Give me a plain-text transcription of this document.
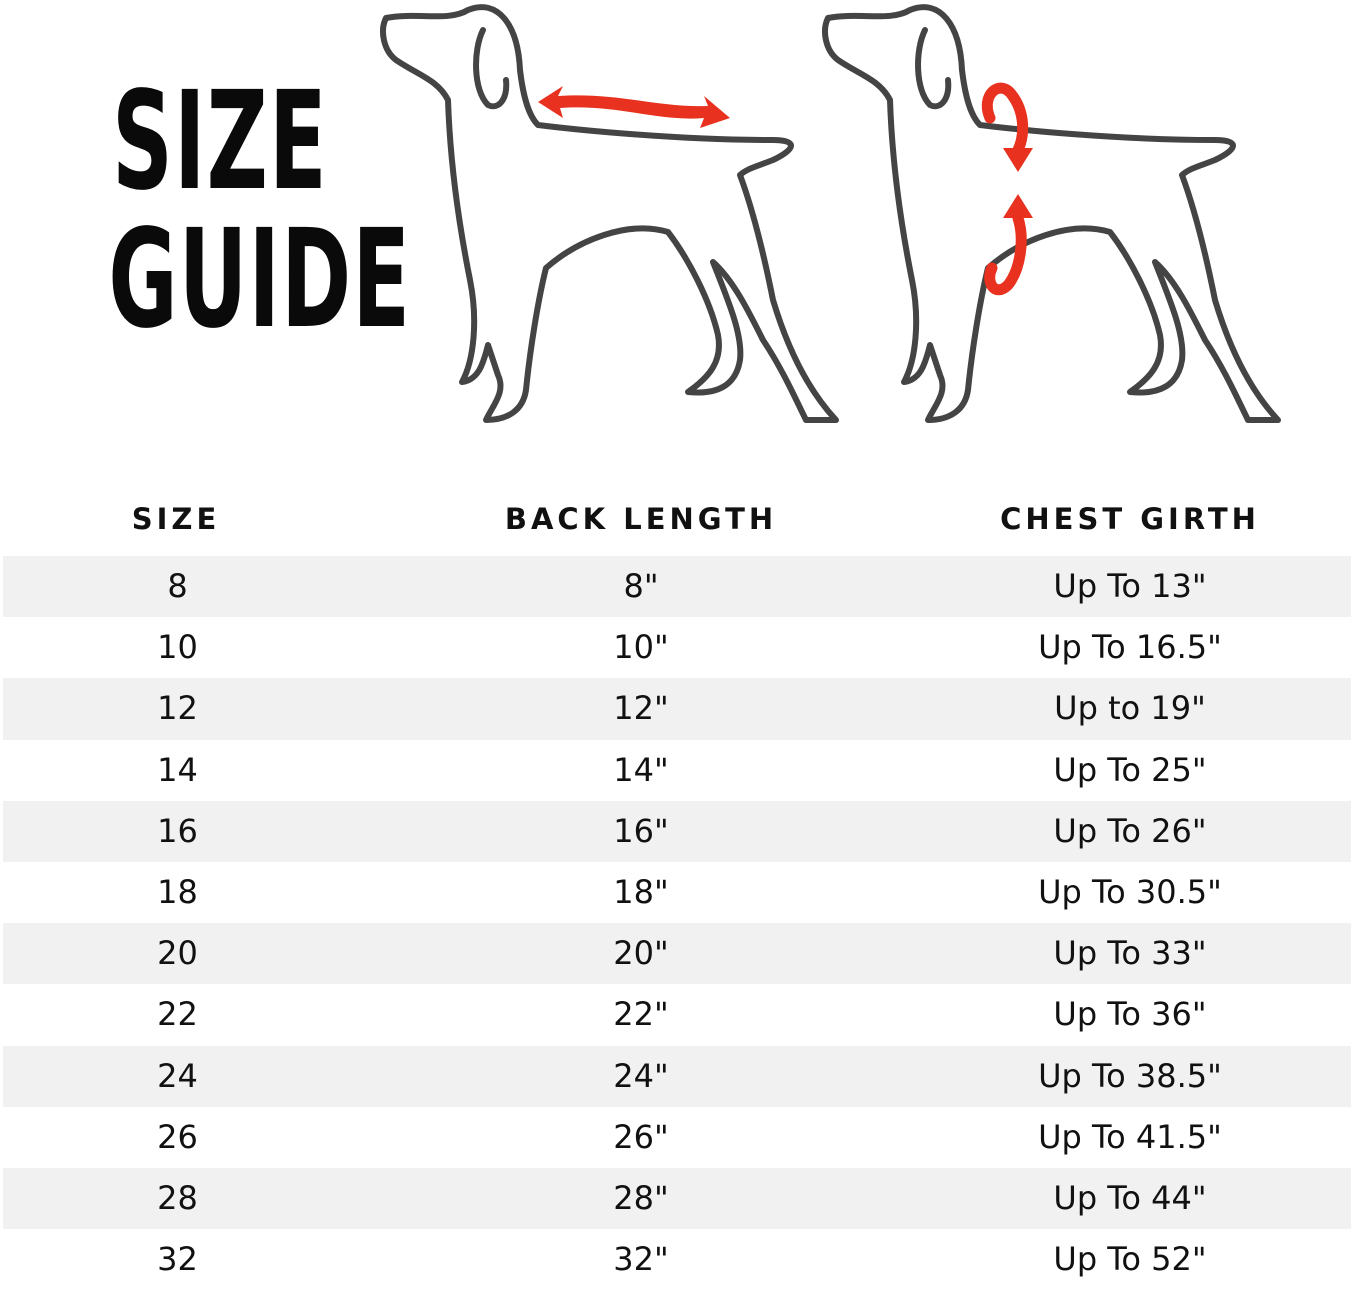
SIZE
GUIDE
SIZE	BACK LENGTH	CHEST GIRTH
8	8"	Up To 13"
10	10"	Up To 16.5"
12	12"	Up to 19"
14	14"	Up To 25"
16	16"	Up To 26"
18	18"	Up To 30.5"
20	20"	Up To 33"
22	22"	Up To 36"
24	24"	Up To 38.5"
26	26"	Up To 41.5"
28	28"	Up To 44"
32	32"	Up To 52"
